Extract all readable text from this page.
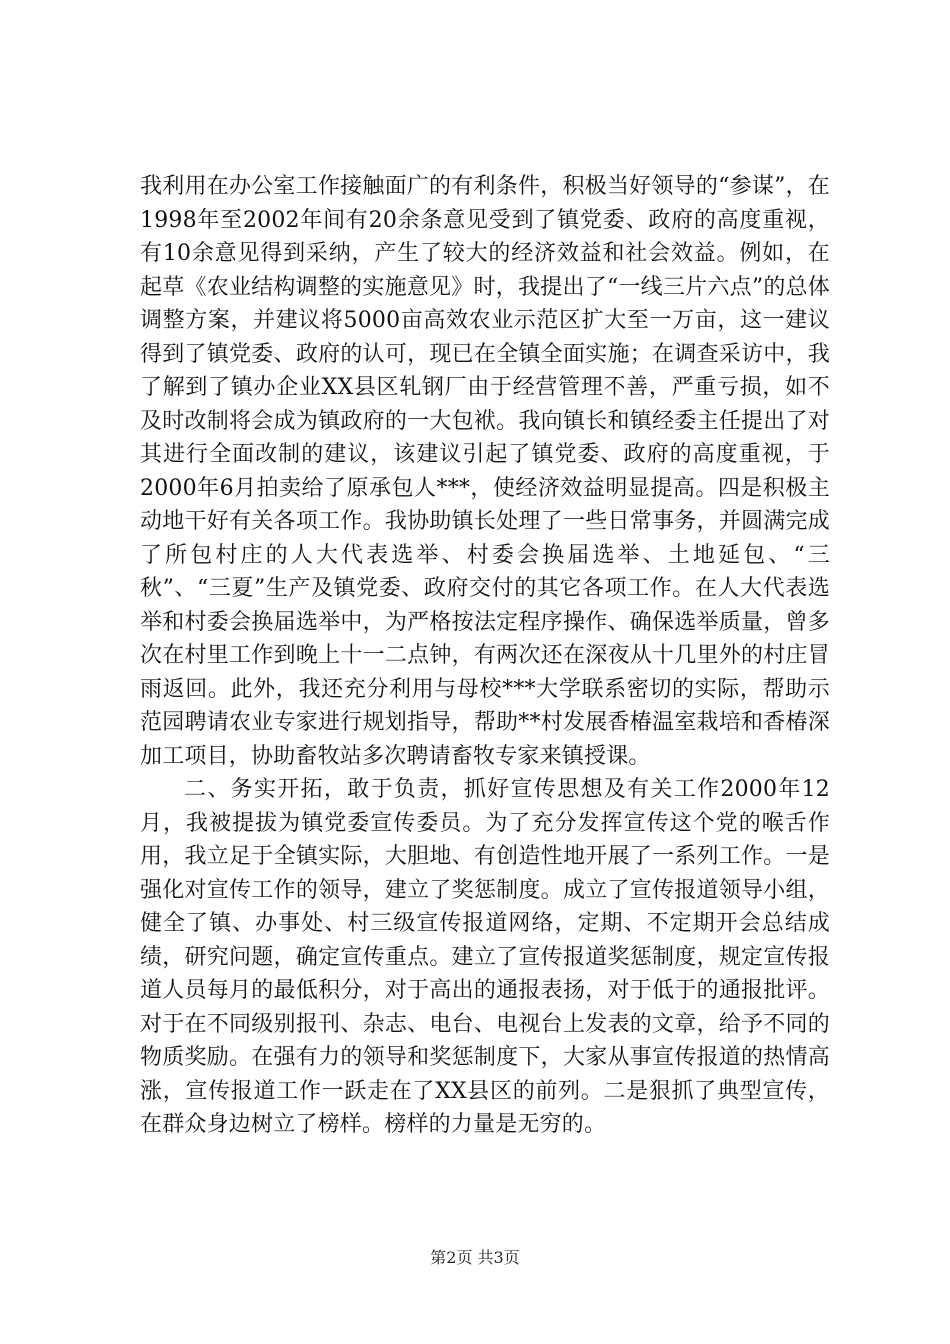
我利用在办公室工作接触面广的有利条件，积极当好领导的“参谋”，在1998年至2002年间有20余条意见受到了镇党委、政府的高度重视，有10余意见得到采纳，产生了较大的经济效益和社会效益。例如，在起草《农业结构调整的实施意见》时，我提出了“一线三片六点”的总体调整方案，并建议将5000亩高效农业示范区扩大至一万亩，这一建议得到了镇党委、政府的认可，现已在全镇全面实施；在调查采访中，我了解到了镇办企业XX县区轧钢厂由于经营管理不善，严重亏损，如不及时改制将会成为镇政府的一大包袱。我向镇长和镇经委主任提出了对其进行全面改制的建议，该建议引起了镇党委、政府的高度重视，于2000年6月拍卖给了原承包人***，使经济效益明显提高。四是积极主动地干好有关各项工作。我协助镇长处理了一些日常事务，并圆满完成了所包村庄的人大代表选举、村委会换届选举、土地延包、“三秋”、“三夏”生产及镇党委、政府交付的其它各项工作。在人大代表选举和村委会换届选举中，为严格按法定程序操作、确保选举质量，曾多次在村里工作到晚上十一二点钟，有两次还在深夜从十几里外的村庄冒雨返回。此外，我还充分利用与母校***大学联系密切的实际，帮助示范园聘请农业专家进行规划指导，帮助**村发展香椿温室栽培和香椿深加工项目，协助畜牧站多次聘请畜牧专家来镇授课。

二、务实开拓，敢于负责，抓好宣传思想及有关工作2000年12月，我被提拔为镇党委宣传委员。为了充分发挥宣传这个党的喉舌作用，我立足于全镇实际，大胆地、有创造性地开展了一系列工作。一是强化对宣传工作的领导，建立了奖惩制度。成立了宣传报道领导小组，健全了镇、办事处、村三级宣传报道网络，定期、不定期开会总结成绩，研究问题，确定宣传重点。建立了宣传报道奖惩制度，规定宣传报道人员每月的最低积分，对于高出的通报表扬，对于低于的通报批评。对于在不同级别报刊、杂志、电台、电视台上发表的文章，给予不同的物质奖励。在强有力的领导和奖惩制度下，大家从事宣传报道的热情高涨，宣传报道工作一跃走在了XX县区的前列。二是狠抓了典型宣传，在群众身边树立了榜样。榜样的力量是无穷的。

第2页 共3页
